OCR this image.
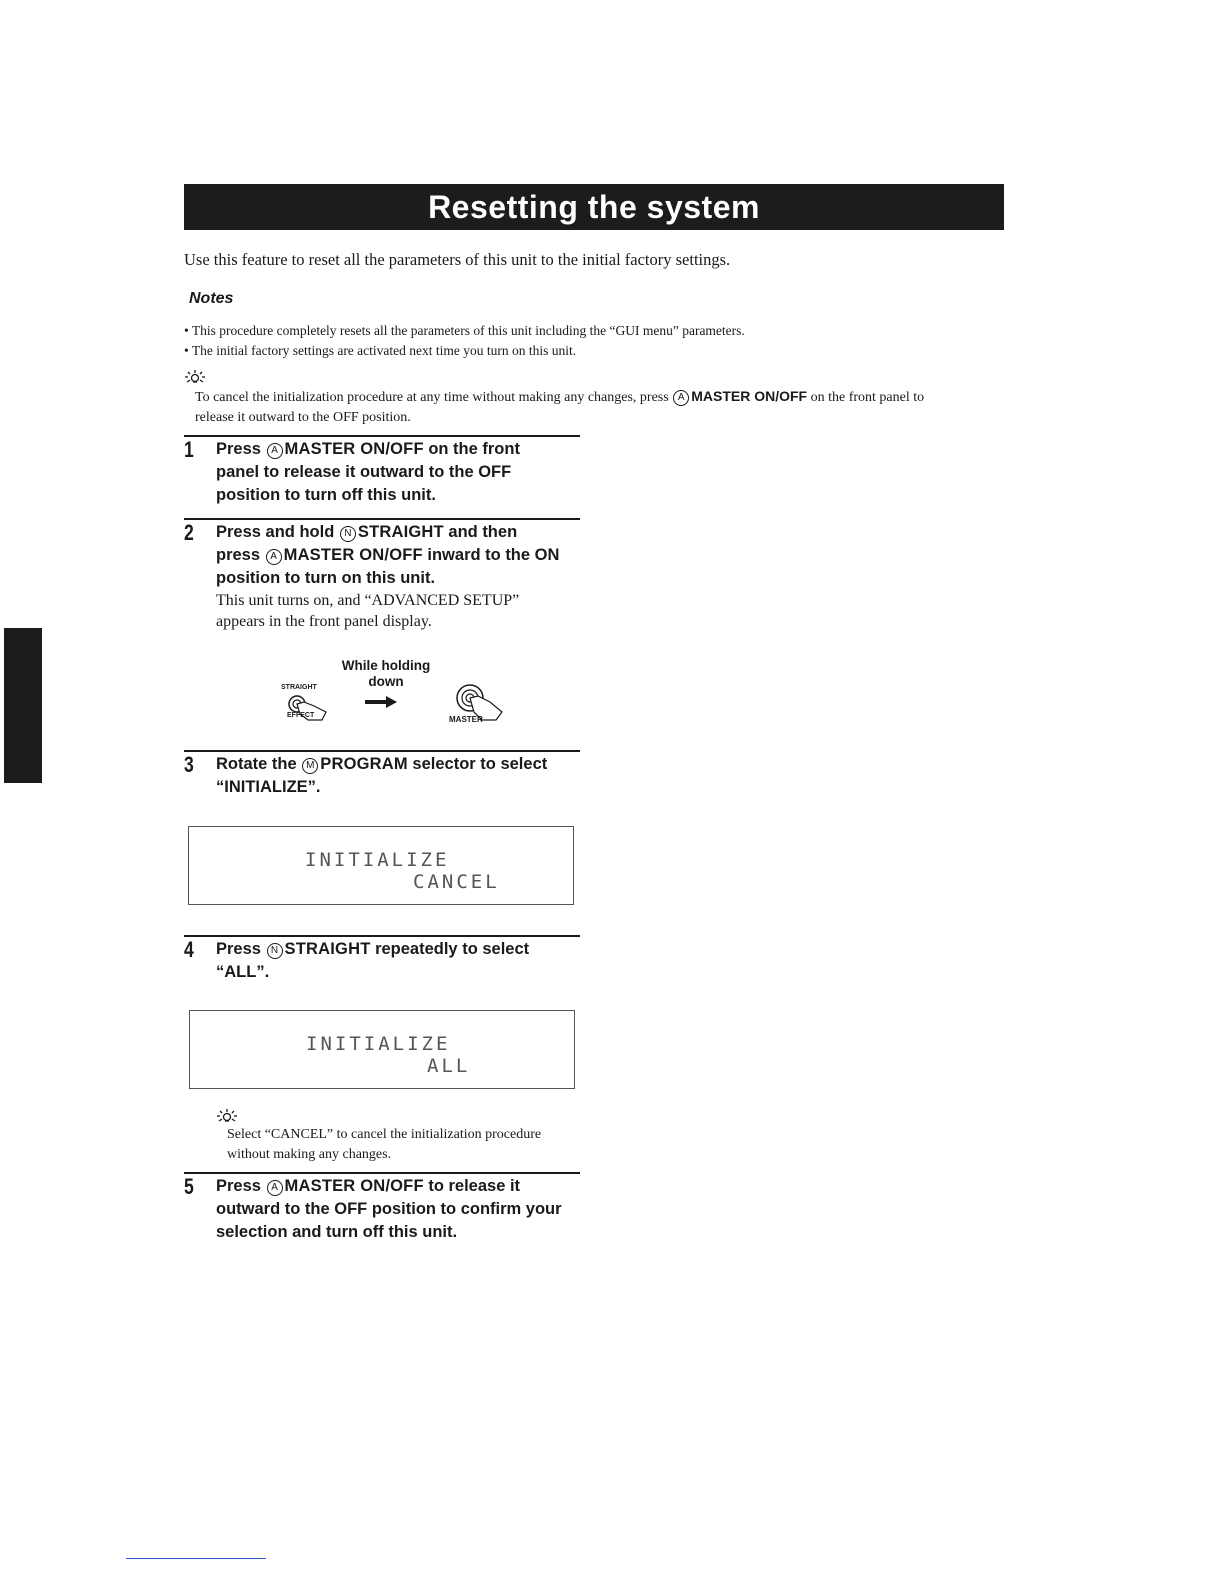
Resetting the system
Use this feature to reset all the parameters of this unit to the initial factory settings.
Notes
• This procedure completely resets all the parameters of this unit including the “GUI menu” parameters.
• The initial factory settings are activated next time you turn on this unit.
To cancel the initialization procedure at any time without making any changes, press A MASTER ON/OFF on the front panel to
release it outward to the OFF position.
1 Press A MASTER ON/OFF on the front
panel to release it outward to the OFF
position to turn off this unit.
2 Press and hold N STRAIGHT and then
press A MASTER ON/OFF inward to the ON
position to turn on this unit.
This unit turns on, and “ADVANCED SETUP”
appears in the front panel display.
While holding
down
STRAIGHT
EFFECT	MASTER
3 Rotate the M PROGRAM selector to select
“INITIALIZE”.
INITIALIZE
CANCEL
4 Press N STRAIGHT repeatedly to select
“ALL”.
INITIALIZE
ALL
Select “CANCEL” to cancel the initialization procedure
without making any changes.
5 Press A MASTER ON/OFF to release it
outward to the OFF position to confirm your
selection and turn off this unit.
